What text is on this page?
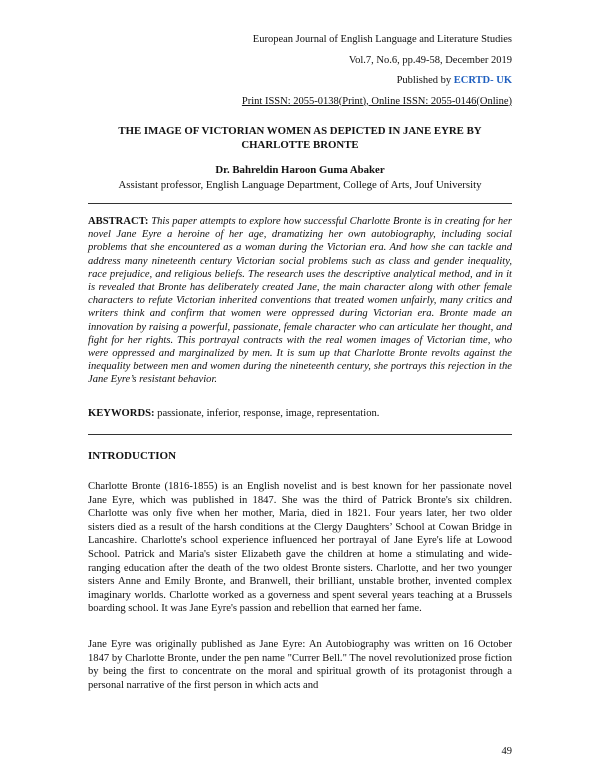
European Journal of English Language and Literature Studies
Vol.7, No.6, pp.49-58, December 2019
Published by ECRTD- UK
Print ISSN: 2055-0138(Print), Online ISSN: 2055-0146(Online)
THE IMAGE OF VICTORIAN WOMEN AS DEPICTED IN JANE EYRE BY CHARLOTTE BRONTE
Dr. Bahreldin Haroon Guma Abaker
Assistant professor, English Language Department, College of Arts, Jouf University

ABSTRACT: This paper attempts to explore how successful Charlotte Bronte is in creating for her novel Jane Eyre a heroine of her age, dramatizing her own autobiography, including social problems that she encountered as a woman during the Victorian era. And how she can tackle and address many nineteenth century Victorian social problems such as class and gender inequality, race prejudice, and religious beliefs. The research uses the descriptive analytical method, and in it is revealed that Bronte has deliberately created Jane, the main character along with other female characters to refute Victorian inherited conventions that treated women unfairly, many critics and writers think and confirm that women were oppressed during Victorian era. Bronte made an innovation by raising a powerful, passionate, female character who can articulate her thought, and fight for her rights. This portrayal contracts with the real women images of Victorian time, who were oppressed and marginalized by men. It is sum up that Charlotte Bronte revolts against the inequality between men and women during the nineteenth century, she portrays this rejection in the Jane Eyre’s resistant behavior.

KEYWORDS: passionate, inferior, response, image, representation.

INTRODUCTION

Charlotte Bronte (1816-1855) is an English novelist and is best known for her passionate novel Jane Eyre, which was published in 1847. She was the third of Patrick Bronte's six children. Charlotte was only five when her mother, Maria, died in 1821. Four years later, her two older sisters died as a result of the harsh conditions at the Clergy Daughters’ School at Cowan Bridge in Lancashire. Charlotte's school experience influenced her portrayal of Jane Eyre's life at Lowood School. Patrick and Maria's sister Elizabeth gave the children at home a stimulating and wide-ranging education after the death of the two oldest Bronte sisters. Charlotte, and her two younger sisters Anne and Emily Bronte, and Branwell, their brilliant, unstable brother, invented complex imaginary worlds. Charlotte worked as a governess and spent several years teaching at a Brussels boarding school. It was Jane Eyre's passion and rebellion that earned her fame.

Jane Eyre was originally published as Jane Eyre: An Autobiography was written on 16 October 1847 by Charlotte Bronte, under the pen name "Currer Bell." The novel revolutionized prose fiction by being the first to concentrate on the moral and spiritual growth of its protagonist through a personal narrative of the first person in which acts and

49
